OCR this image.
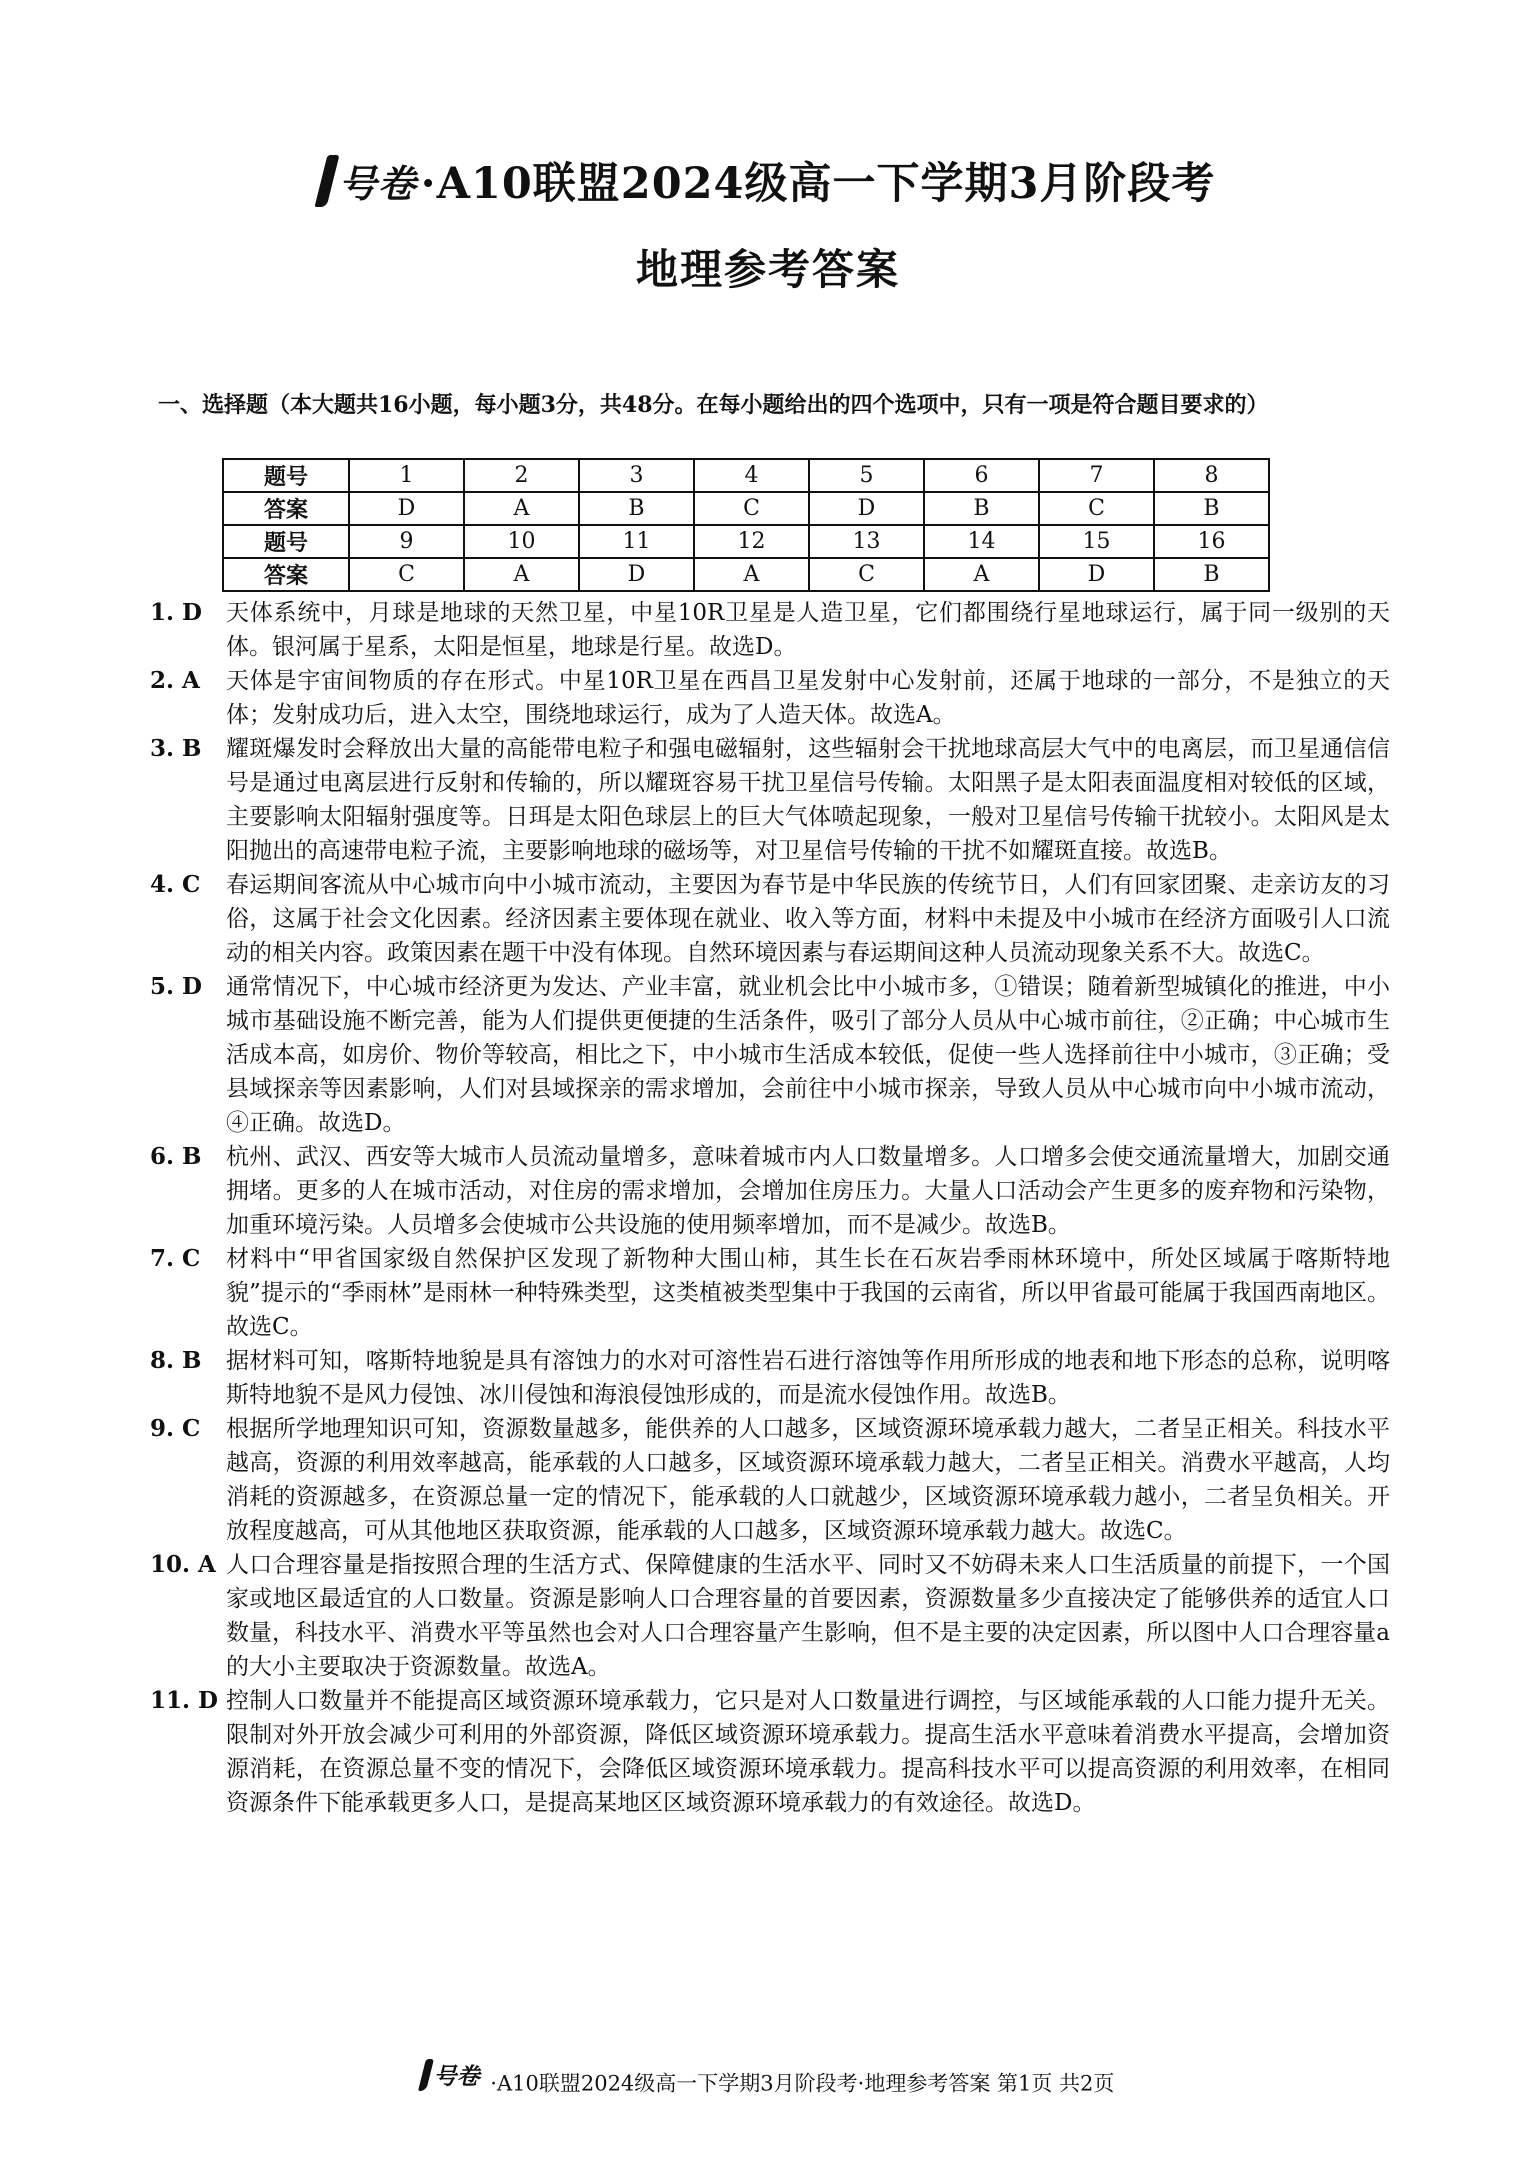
号卷 ·A10联盟2024级高一下学期3月阶段考
地理参考答案
一、选择题（本大题共16小题，每小题3分，共48分。在每小题给出的四个选项中，只有一项是符合题目要求的）
题号	1	2	3	4	5	6	7	8
答案	D	A	B	C	D	B	C	B
题号	9	10	11	12	13	14	15	16
答案	C	A	D	A	C	A	D	B
1. D	天体系统中，月球是地球的天然卫星，中星10R卫星是人造卫星，它们都围绕行星地球运行，属于同一级别的天体。银河属于星系，太阳是恒星，地球是行星。故选D。
2. A	天体是宇宙间物质的存在形式。中星10R卫星在西昌卫星发射中心发射前，还属于地球的一部分，不是独立的天体；发射成功后，进入太空，围绕地球运行，成为了人造天体。故选A。
3. B	耀斑爆发时会释放出大量的高能带电粒子和强电磁辐射，这些辐射会干扰地球高层大气中的电离层，而卫星通信信号是通过电离层进行反射和传输的，所以耀斑容易干扰卫星信号传输。太阳黑子是太阳表面温度相对较低的区域，主要影响太阳辐射强度等。日珥是太阳色球层上的巨大气体喷起现象，一般对卫星信号传输干扰较小。太阳风是太阳抛出的高速带电粒子流，主要影响地球的磁场等，对卫星信号传输的干扰不如耀斑直接。故选B。
4. C	春运期间客流从中心城市向中小城市流动，主要因为春节是中华民族的传统节日，人们有回家团聚、走亲访友的习俗，这属于社会文化因素。经济因素主要体现在就业、收入等方面，材料中未提及中小城市在经济方面吸引人口流动的相关内容。政策因素在题干中没有体现。自然环境因素与春运期间这种人员流动现象关系不大。故选C。
5. D	通常情况下，中心城市经济更为发达、产业丰富，就业机会比中小城市多，①错误；随着新型城镇化的推进，中小城市基础设施不断完善，能为人们提供更便捷的生活条件，吸引了部分人员从中心城市前往，②正确；中心城市生活成本高，如房价、物价等较高，相比之下，中小城市生活成本较低，促使一些人选择前往中小城市，③正确；受县域探亲等因素影响，人们对县域探亲的需求增加，会前往中小城市探亲，导致人员从中心城市向中小城市流动，④正确。故选D。
6. B	杭州、武汉、西安等大城市人员流动量增多，意味着城市内人口数量增多。人口增多会使交通流量增大，加剧交通拥堵。更多的人在城市活动，对住房的需求增加，会增加住房压力。大量人口活动会产生更多的废弃物和污染物，加重环境污染。人员增多会使城市公共设施的使用频率增加，而不是减少。故选B。
7. C	材料中“甲省国家级自然保护区发现了新物种大围山柿，其生长在石灰岩季雨林环境中，所处区域属于喀斯特地貌”提示的“季雨林”是雨林一种特殊类型，这类植被类型集中于我国的云南省，所以甲省最可能属于我国西南地区。故选C。
8. B	据材料可知，喀斯特地貌是具有溶蚀力的水对可溶性岩石进行溶蚀等作用所形成的地表和地下形态的总称，说明喀斯特地貌不是风力侵蚀、冰川侵蚀和海浪侵蚀形成的，而是流水侵蚀作用。故选B。
9. C	根据所学地理知识可知，资源数量越多，能供养的人口越多，区域资源环境承载力越大，二者呈正相关。科技水平越高，资源的利用效率越高，能承载的人口越多，区域资源环境承载力越大，二者呈正相关。消费水平越高，人均消耗的资源越多，在资源总量一定的情况下，能承载的人口就越少，区域资源环境承载力越小，二者呈负相关。开放程度越高，可从其他地区获取资源，能承载的人口越多，区域资源环境承载力越大。故选C。
10. A 人口合理容量是指按照合理的生活方式、保障健康的生活水平、同时又不妨碍未来人口生活质量的前提下，一个国家或地区最适宜的人口数量。资源是影响人口合理容量的首要因素，资源数量多少直接决定了能够供养的适宜人口数量，科技水平、消费水平等虽然也会对人口合理容量产生影响，但不是主要的决定因素，所以图中人口合理容量a的大小主要取决于资源数量。故选A。
11. D 控制人口数量并不能提高区域资源环境承载力，它只是对人口数量进行调控，与区域能承载的人口能力提升无关。限制对外开放会减少可利用的外部资源，降低区域资源环境承载力。提高生活水平意味着消费水平提高，会增加资源消耗，在资源总量不变的情况下，会降低区域资源环境承载力。提高科技水平可以提高资源的利用效率，在相同资源条件下能承载更多人口，是提高某地区区域资源环境承载力的有效途径。故选D。
号卷 ·A10联盟2024级高一下学期3月阶段考·地理参考答案 第1页 共2页
